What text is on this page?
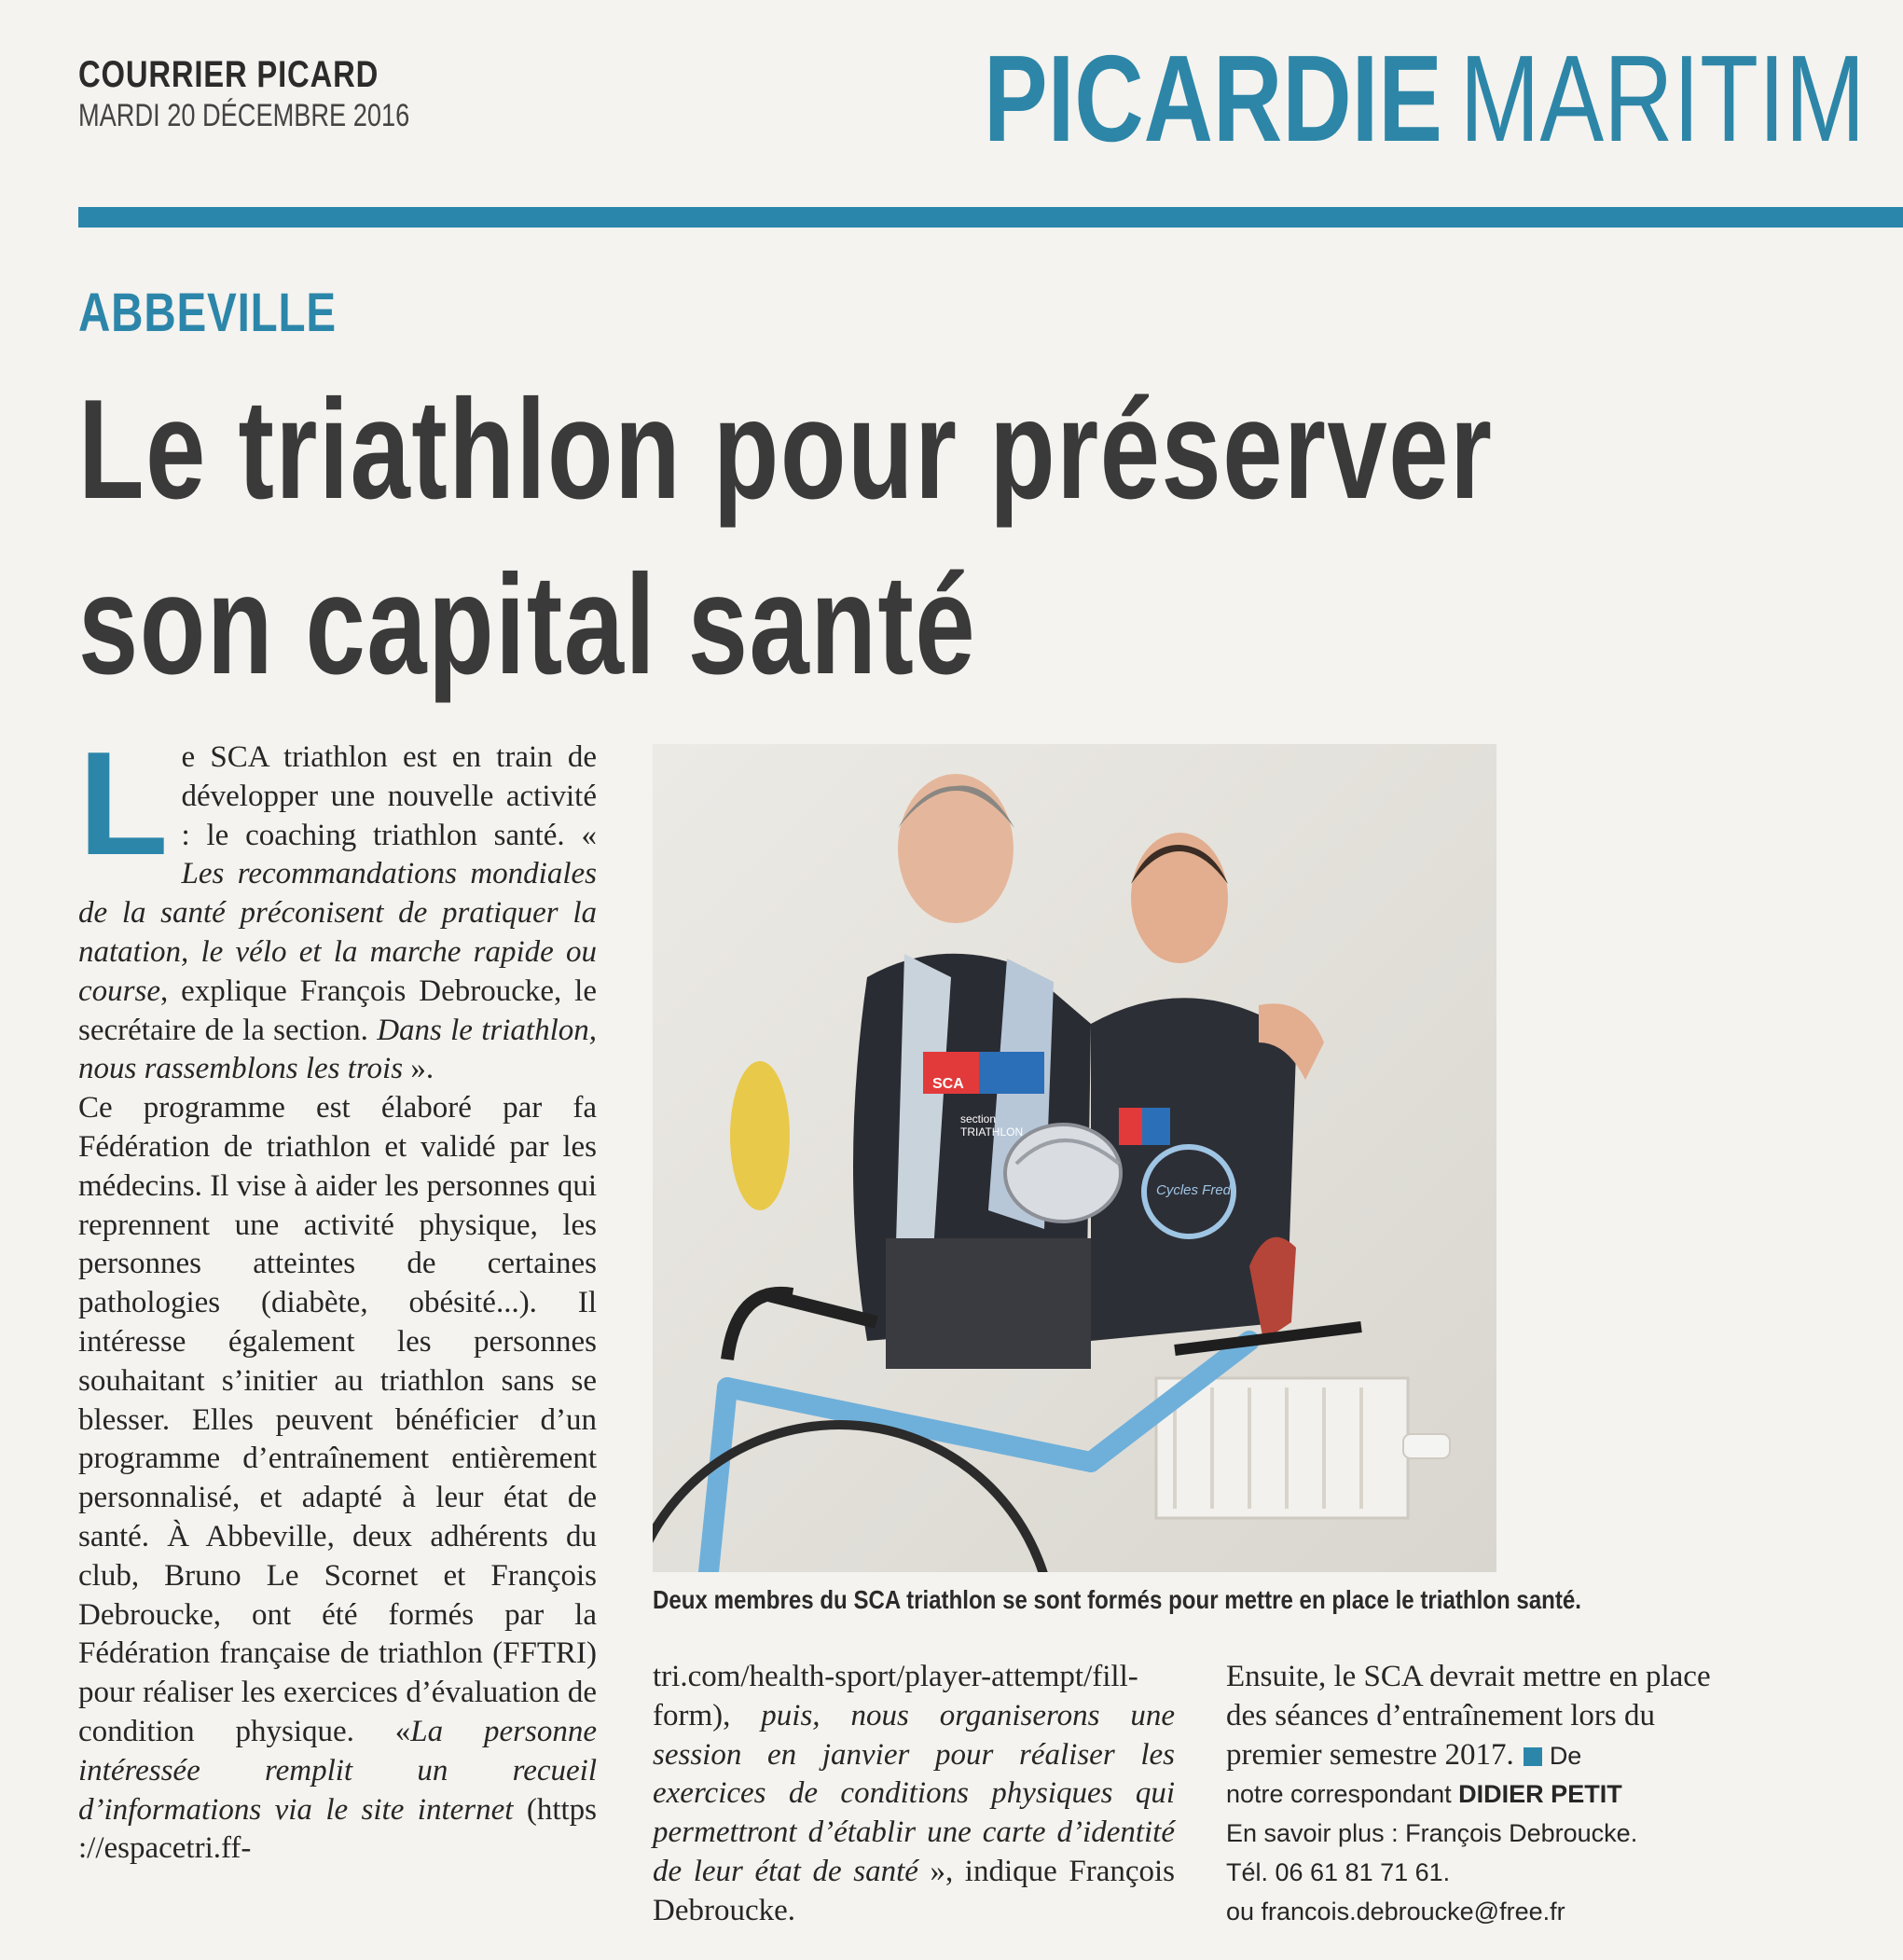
COURRIER PICARD
MARDI 20 DÉCEMBRE 2016	PICARDIE MARITIM
ABBEVILLE
Le triathlon pour préserver
son capital santé
L e SCA triathlon est en train de développer une nouvelle activité : le coaching triathlon santé. « Les recommandations mondiales de la santé préconisent de pratiquer la natation, le vélo et la marche rapide ou course, explique François Debroucke, le secrétaire de la section. Dans le triathlon, nous rassemblons les trois ».

Ce programme est élaboré par fa Fédération de triathlon et validé par les médecins. Il vise à aider les personnes qui reprennent une activité physique, les personnes atteintes de certaines pathologies (diabète, obésité...). Il intéresse également les personnes souhaitant s’initier au triathlon sans se blesser. Elles peuvent bénéficier d’un programme d’entraînement entièrement personnalisé, et adapté à leur état de santé. À Abbeville, deux adhérents du club, Bruno Le Scornet et François Debroucke, ont été formés par la Fédération française de triathlon (FFTRI) pour réaliser les exercices d’évaluation de condition physique. «La personne intéressée remplit un recueil d’informations via le site internet (https ://espacetri.ff-

SCA
section TRIATHLON
Cycles Fred
Deux membres du SCA triathlon se sont formés pour mettre en place le triathlon santé.
tri.com/health-sport/player-attempt/fill-form), puis, nous organiserons une session en janvier pour réaliser les exercices de conditions physiques qui permettront d’établir une carte d’identité de leur état de santé », indique François Debroucke.
Ensuite, le SCA devrait mettre en place des séances d’entraînement lors du premier semestre 2017. De
notre correspondant DIDIER PETIT
En savoir plus : François Debroucke.
Tél. 06 61 81 71 61.
ou francois.debroucke@free.fr
